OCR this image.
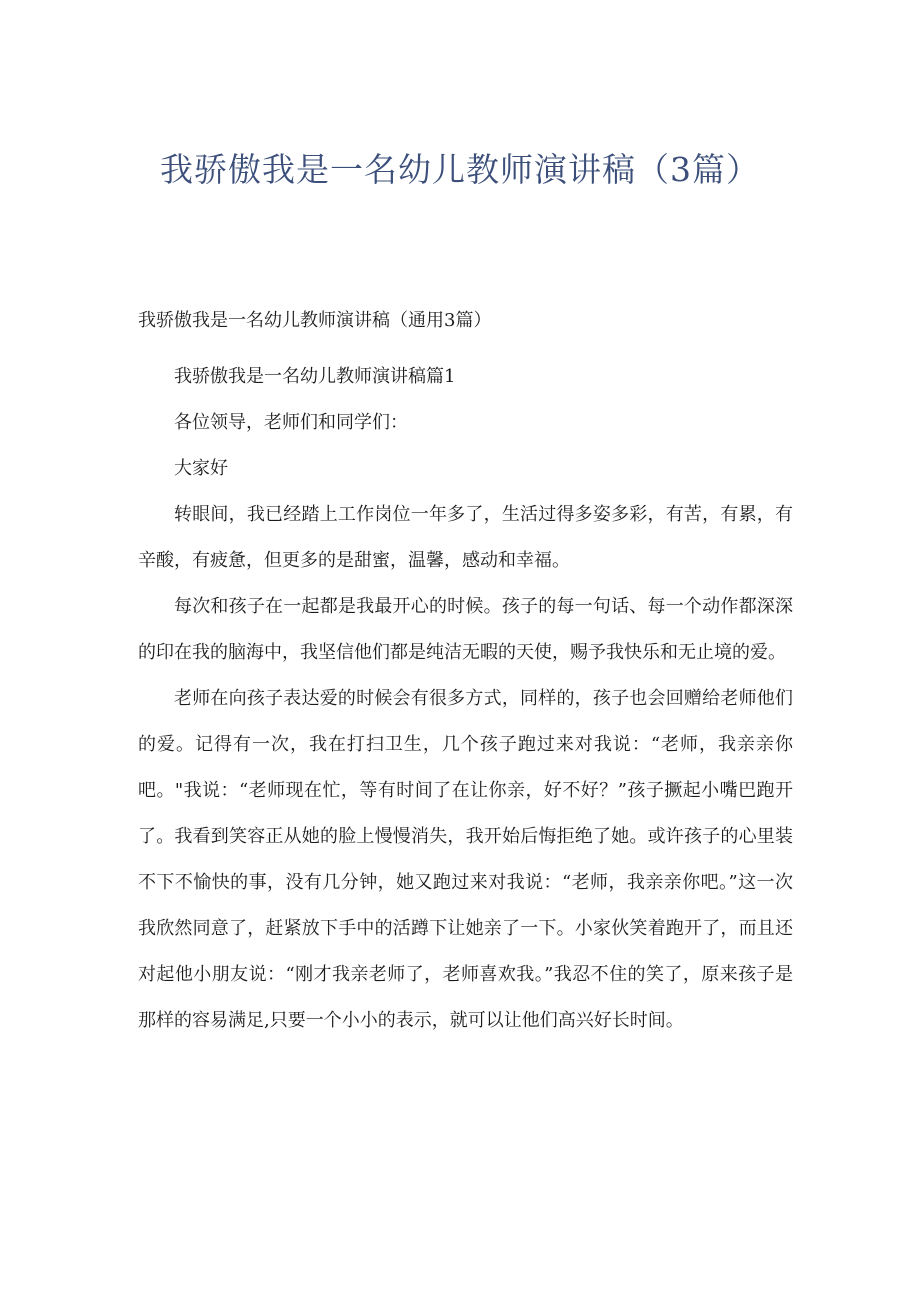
我骄傲我是一名幼儿教师演讲稿（3篇）
我骄傲我是一名幼儿教师演讲稿（通用3篇）

我骄傲我是一名幼儿教师演讲稿篇1

各位领导，老师们和同学们：

大家好

转眼间，我已经踏上工作岗位一年多了，生活过得多姿多彩，有苦，有累，有辛酸，有疲惫，但更多的是甜蜜，温馨，感动和幸福。

每次和孩子在一起都是我最开心的时候。孩子的每一句话、每一个动作都深深的印在我的脑海中，我坚信他们都是纯洁无暇的天使，赐予我快乐和无止境的爱。

老师在向孩子表达爱的时候会有很多方式，同样的，孩子也会回赠给老师他们的爱。记得有一次，我在打扫卫生，几个孩子跑过来对我说：“老师，我亲亲你吧。"我说：“老师现在忙，等有时间了在让你亲，好不好？”孩子撅起小嘴巴跑开了。我看到笑容正从她的脸上慢慢消失，我开始后悔拒绝了她。或许孩子的心里装不下不愉快的事，没有几分钟，她又跑过来对我说：“老师，我亲亲你吧。”这一次我欣然同意了，赶紧放下手中的活蹲下让她亲了一下。小家伙笑着跑开了，而且还对起他小朋友说：“刚才我亲老师了，老师喜欢我。”我忍不住的笑了，原来孩子是那样的容易满足,只要一个小小的表示，就可以让他们高兴好长时间。
